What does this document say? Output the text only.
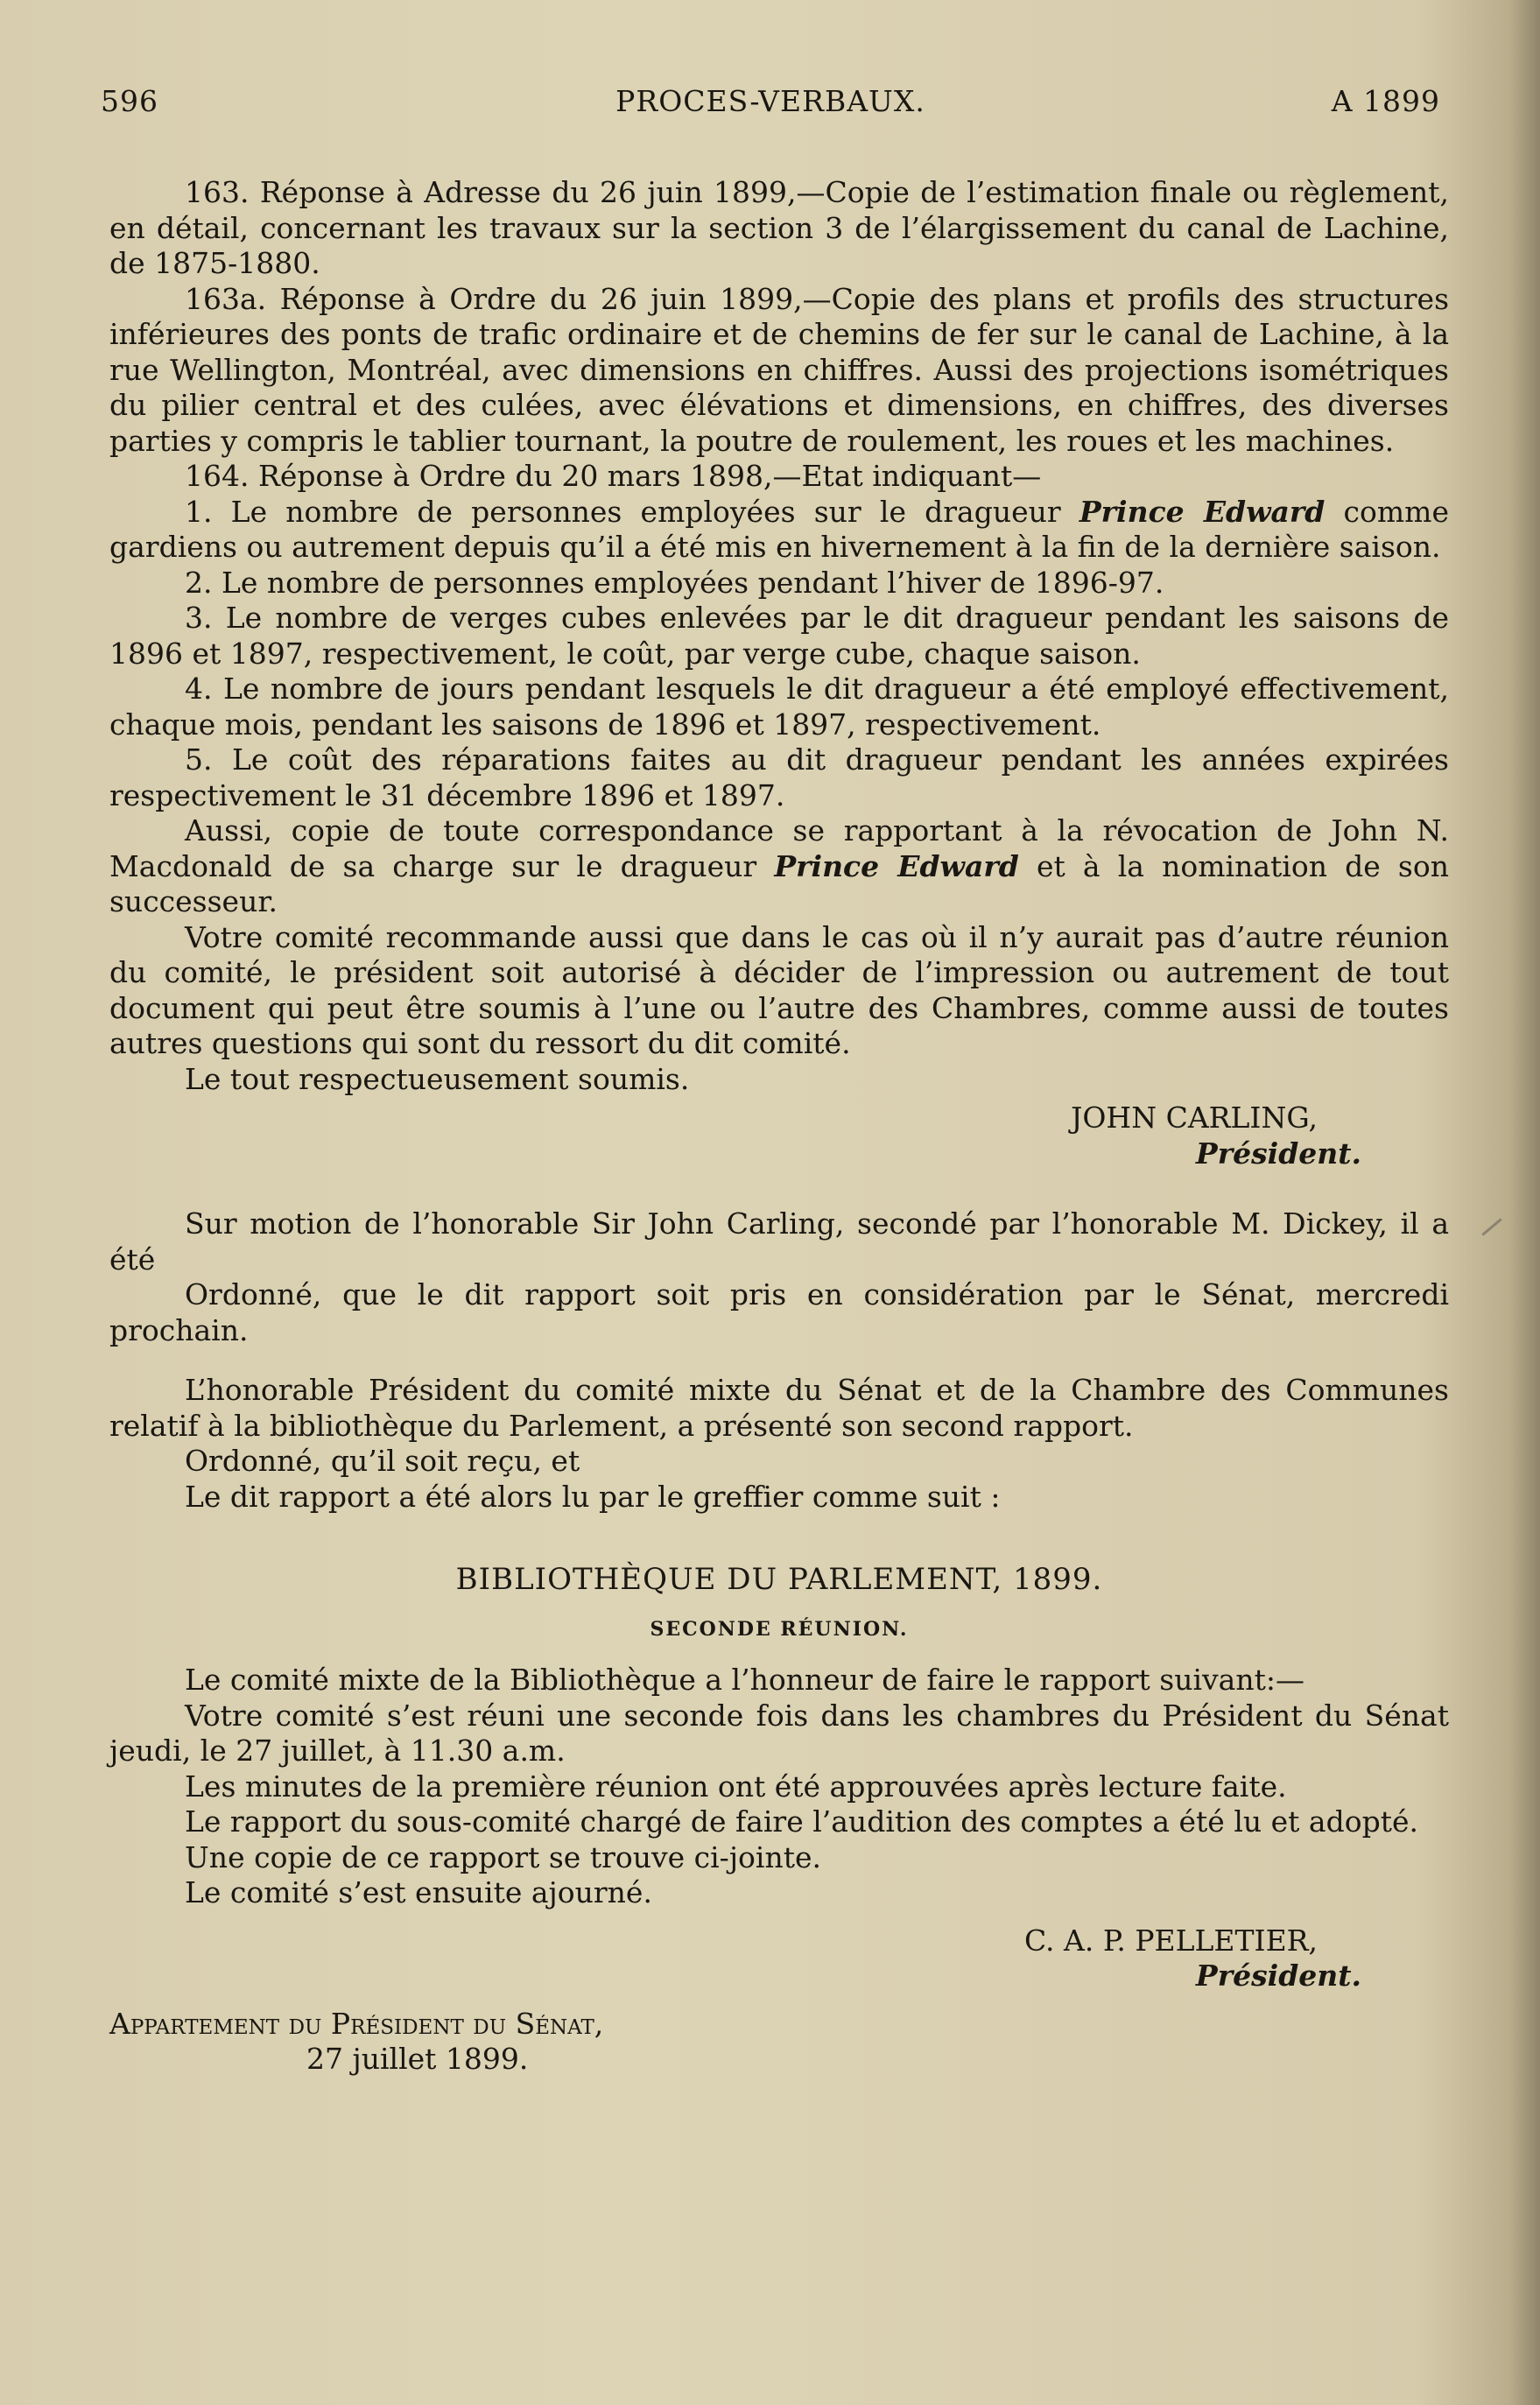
596	PROCES-VERBAUX.	A 1899

163. Réponse à Adresse du 26 juin 1899,—Copie de l’estimation finale ou règlement, en détail, concernant les travaux sur la section 3 de l’élargissement du canal de Lachine, de 1875-1880.

163a. Réponse à Ordre du 26 juin 1899,—Copie des plans et profils des structures inférieures des ponts de trafic ordinaire et de chemins de fer sur le canal de Lachine, à la rue Wellington, Montréal, avec dimensions en chiffres. Aussi des projections isométriques du pilier central et des culées, avec élévations et dimensions, en chiffres, des diverses parties y compris le tablier tournant, la poutre de roulement, les roues et les machines.

164. Réponse à Ordre du 20 mars 1898,—Etat indiquant—

1. Le nombre de personnes employées sur le dragueur Prince Edward comme gardiens ou autrement depuis qu’il a été mis en hivernement à la fin de la dernière saison.

2. Le nombre de personnes employées pendant l’hiver de 1896-97.

3. Le nombre de verges cubes enlevées par le dit dragueur pendant les saisons de 1896 et 1897, respectivement, le coût, par verge cube, chaque saison.

4. Le nombre de jours pendant lesquels le dit dragueur a été employé effectivement, chaque mois, pendant les saisons de 1896 et 1897, respectivement.

5. Le coût des réparations faites au dit dragueur pendant les années expirées respectivement le 31 décembre 1896 et 1897.

Aussi, copie de toute correspondance se rapportant à la révocation de John N. Macdonald de sa charge sur le dragueur Prince Edward et à la nomination de son successeur.

Votre comité recommande aussi que dans le cas où il n’y aurait pas d’autre réunion du comité, le président soit autorisé à décider de l’impression ou autrement de tout document qui peut être soumis à l’une ou l’autre des Chambres, comme aussi de toutes autres questions qui sont du ressort du dit comité.

Le tout respectueusement soumis.

JOHN CARLING,

Président.

Sur motion de l’honorable Sir John Carling, secondé par l’honorable M. Dickey, il a été

Ordonné, que le dit rapport soit pris en considération par le Sénat, mercredi prochain.

L’honorable Président du comité mixte du Sénat et de la Chambre des Communes relatif à la bibliothèque du Parlement, a présenté son second rapport.

Ordonné, qu’il soit reçu, et

Le dit rapport a été alors lu par le greffier comme suit :

BIBLIOTHÈQUE DU PARLEMENT, 1899.

SECONDE RÉUNION.

Le comité mixte de la Bibliothèque a l’honneur de faire le rapport suivant:—

Votre comité s’est réuni une seconde fois dans les chambres du Président du Sénat jeudi, le 27 juillet, à 11.30 a.m.

Les minutes de la première réunion ont été approuvées après lecture faite.

Le rapport du sous-comité chargé de faire l’audition des comptes a été lu et adopté.

Une copie de ce rapport se trouve ci-jointe.

Le comité s’est ensuite ajourné.

C. A. P. PELLETIER,

Président.

Appartement du Président du Sénat,

27 juillet 1899.
